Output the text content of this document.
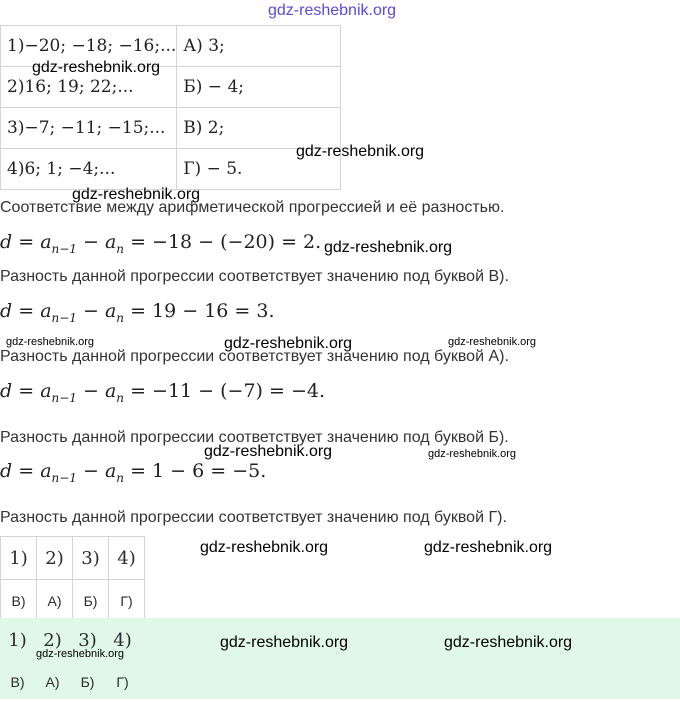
gdz-reshebnik.org
1)−20; −18; −16;...	А) 3;
2)16; 19; 22;...	Б) − 4;
3)−7; −11; −15;...	В) 2;
4)6; 1; −4;...	Г) − 5.
Соответствие между арифметической прогрессией и её разностью.
$d = a_{n-1} - a_n = -18 - (-20) = 2$.
Разность данной прогрессии соответствует значению под буквой В).
$d = a_{n-1} - a_n = 19 - 16 = 3$.
Разность данной прогрессии соответствует значению под буквой А).
$d = a_{n-1} - a_n = -11 - (-7) = -4$.
Разность данной прогрессии соответствует значению под буквой Б).
$d = a_{n-1} - a_n = 1 - 6 = -5$.
Разность данной прогрессии соответствует значению под буквой Г).
1)	2)	3)	4)
В)	А)	Б)	Г)
1)	2)	3)	4)
В)	А)	Б)	Г)
gdz-reshebnik.org
gdz-reshebnik.org
gdz-reshebnik.org
gdz-reshebnik.org
gdz-reshebnik.org	gdz-reshebnik.org	gdz-reshebnik.org
gdz-reshebnik.org	gdz-reshebnik.org
gdz-reshebnik.org	gdz-reshebnik.org
gdz-reshebnik.org	gdz-reshebnik.org
gdz-reshebnik.org
